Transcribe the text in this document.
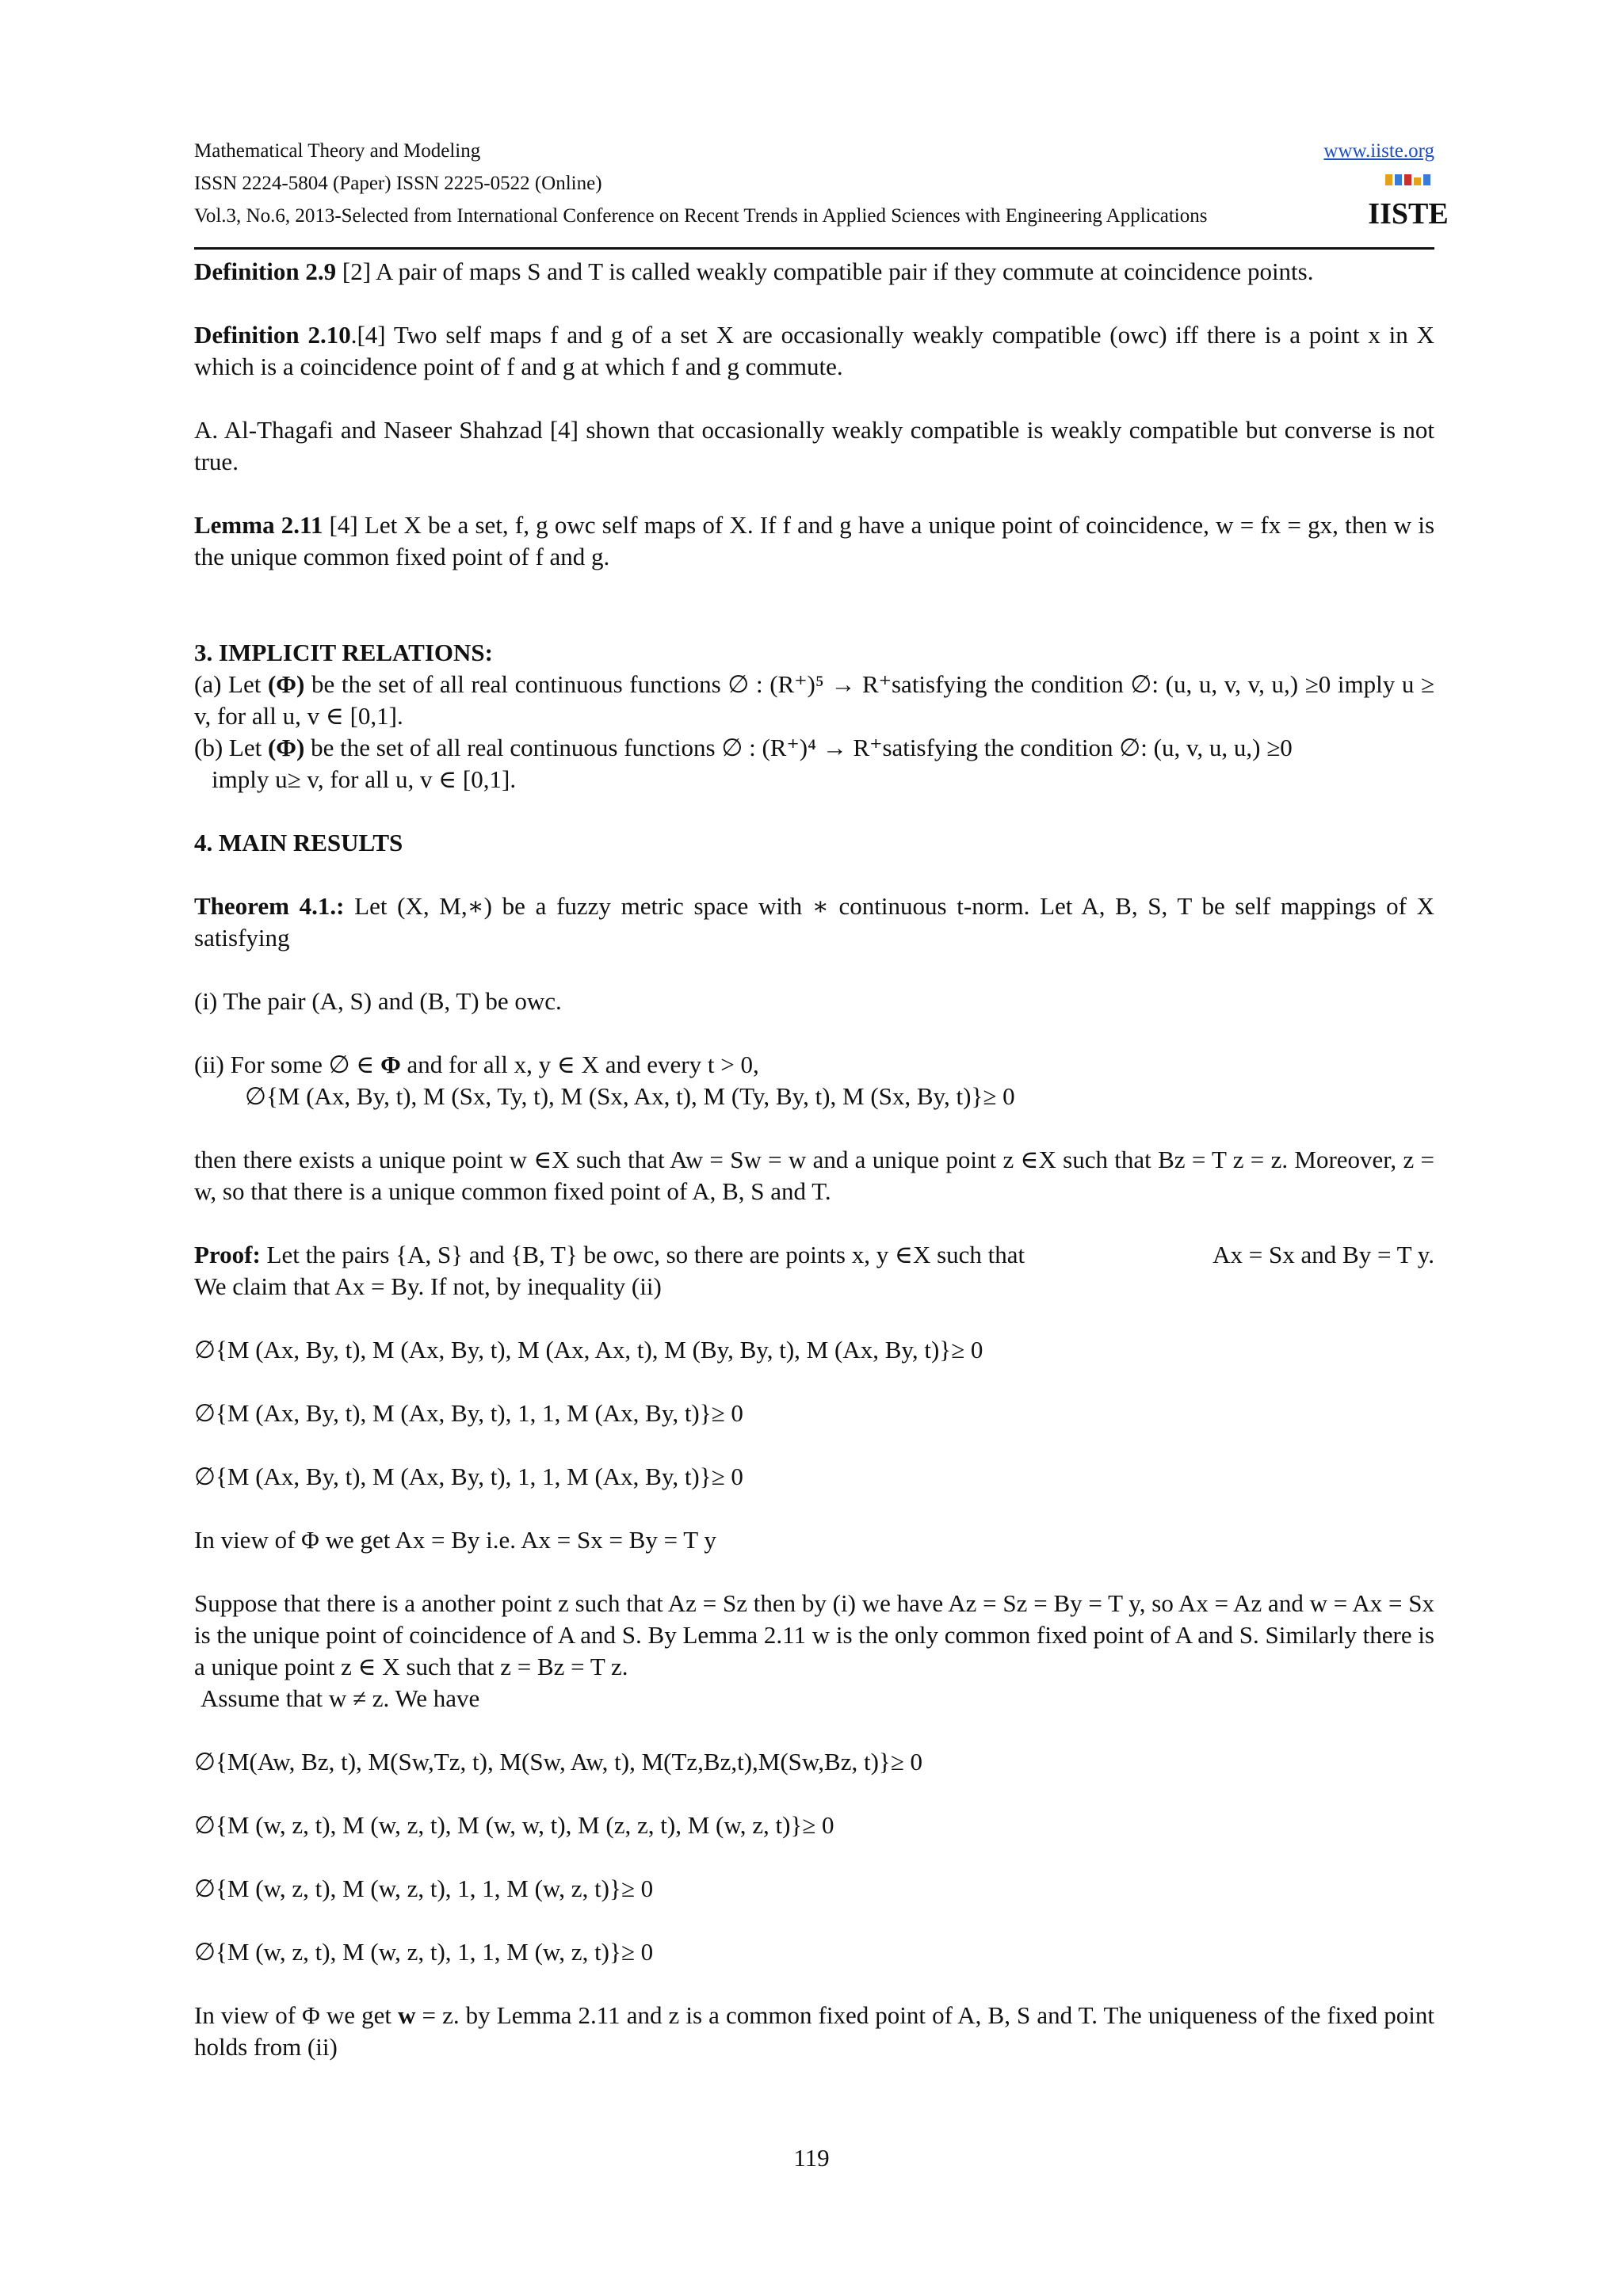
Mathematical Theory and Modeling	www.iiste.org
ISSN 2224-5804 (Paper) ISSN 2225-0522 (Online)
Vol.3, No.6, 2013-Selected from International Conference on Recent Trends in Applied Sciences with Engineering Applications	IISTE

Definition 2.9 [2] A pair of maps S and T is called weakly compatible pair if they commute at coincidence points.

Definition 2.10.[4] Two self maps f and g of a set X are occasionally weakly compatible (owc) iff there is a point x in X which is a coincidence point of f and g at which f and g commute.

A. Al-Thagafi and Naseer Shahzad [4] shown that occasionally weakly compatible is weakly compatible but converse is not true.

Lemma 2.11 [4] Let X be a set, f, g owc self maps of X. If f and g have a unique point of coincidence, w = fx = gx, then w is the unique common fixed point of f and g.

3. IMPLICIT RELATIONS:

(a) Let (Φ) be the set of all real continuous functions ∅ : (R⁺)⁵ → R⁺satisfying the condition ∅: (u, u, v, v, u,) ≥0 imply u ≥ v, for all u, v ∈ [0,1].

(b) Let (Φ) be the set of all real continuous functions ∅ : (R⁺)⁴ → R⁺satisfying the condition ∅: (u, v, u, u,) ≥0

imply u≥ v, for all u, v ∈ [0,1].

4. MAIN RESULTS

Theorem 4.1.: Let (X, M,∗) be a fuzzy metric space with ∗ continuous t-norm. Let A, B, S, T be self mappings of X satisfying

(i) The pair (A, S) and (B, T) be owc.

(ii) For some ∅ ∈ Φ and for all x, y ∈ X and every t > 0,

∅{M (Ax, By, t), M (Sx, Ty, t), M (Sx, Ax, t), M (Ty, By, t), M (Sx, By, t)}≥ 0

then there exists a unique point w ∈X such that Aw = Sw = w and a unique point z ∈X such that Bz = T z = z. Moreover, z = w, so that there is a unique common fixed point of A, B, S and T.

Proof: Let the pairs {A, S} and {B, T} be owc, so there are points x, y ∈X such that	Ax = Sx and By = T y.

We claim that Ax = By. If not, by inequality (ii)

∅{M (Ax, By, t), M (Ax, By, t), M (Ax, Ax, t), M (By, By, t), M (Ax, By, t)}≥ 0

∅{M (Ax, By, t), M (Ax, By, t), 1, 1, M (Ax, By, t)}≥ 0

∅{M (Ax, By, t), M (Ax, By, t), 1, 1, M (Ax, By, t)}≥ 0

In view of Φ we get Ax = By i.e. Ax = Sx = By = T y

Suppose that there is a another point z such that Az = Sz then by (i) we have Az = Sz = By = T y, so Ax = Az and w = Ax = Sx is the unique point of coincidence of A and S. By Lemma 2.11 w is the only common fixed point of A and S. Similarly there is a unique point z ∈ X such that z = Bz = T z.

Assume that w ≠ z. We have

∅{M(Aw, Bz, t), M(Sw,Tz, t), M(Sw, Aw, t), M(Tz,Bz,t),M(Sw,Bz, t)}≥ 0

∅{M (w, z, t), M (w, z, t), M (w, w, t), M (z, z, t), M (w, z, t)}≥ 0

∅{M (w, z, t), M (w, z, t), 1, 1, M (w, z, t)}≥ 0

∅{M (w, z, t), M (w, z, t), 1, 1, M (w, z, t)}≥ 0

In view of Φ we get w = z. by Lemma 2.11 and z is a common fixed point of A, B, S and T. The uniqueness of the fixed point holds from (ii)

119
